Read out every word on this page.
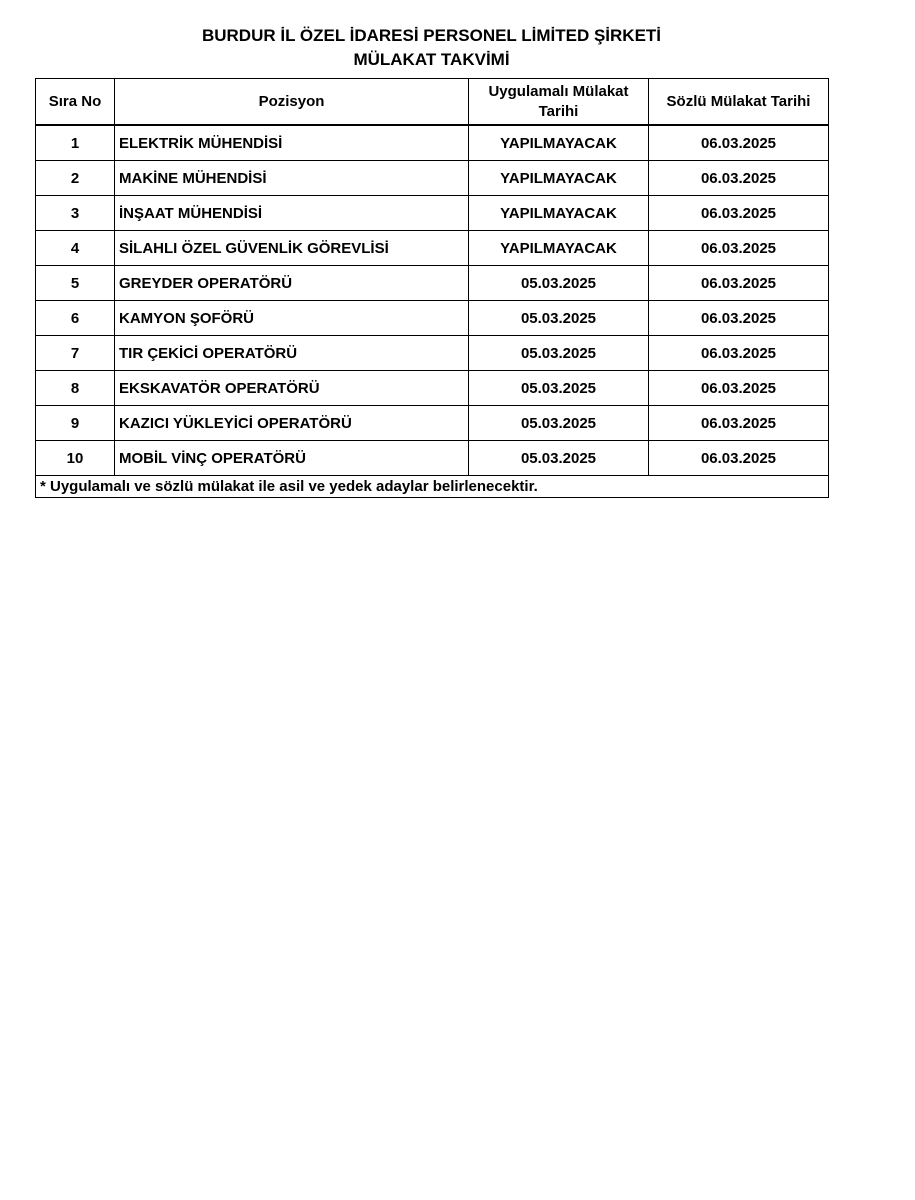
BURDUR İL ÖZEL İDARESİ PERSONEL LİMİTED ŞİRKETİ
MÜLAKAT TAKVİMİ
Sıra No	Pozisyon	Uygulamalı Mülakat Tarihi	Sözlü Mülakat Tarihi
1	ELEKTRİK MÜHENDİSİ	YAPILMAYACAK	06.03.2025
2	MAKİNE MÜHENDİSİ	YAPILMAYACAK	06.03.2025
3	İNŞAAT MÜHENDİSİ	YAPILMAYACAK	06.03.2025
4	SİLAHLI ÖZEL GÜVENLİK GÖREVLİSİ	YAPILMAYACAK	06.03.2025
5	GREYDER OPERATÖRÜ	05.03.2025	06.03.2025
6	KAMYON ŞOFÖRÜ	05.03.2025	06.03.2025
7	TIR ÇEKİCİ OPERATÖRÜ	05.03.2025	06.03.2025
8	EKSKAVATÖR OPERATÖRÜ	05.03.2025	06.03.2025
9	KAZICI YÜKLEYİCİ OPERATÖRÜ	05.03.2025	06.03.2025
10	MOBİL VİNÇ OPERATÖRÜ	05.03.2025	06.03.2025
* Uygulamalı ve sözlü mülakat ile asil ve yedek adaylar belirlenecektir.			
